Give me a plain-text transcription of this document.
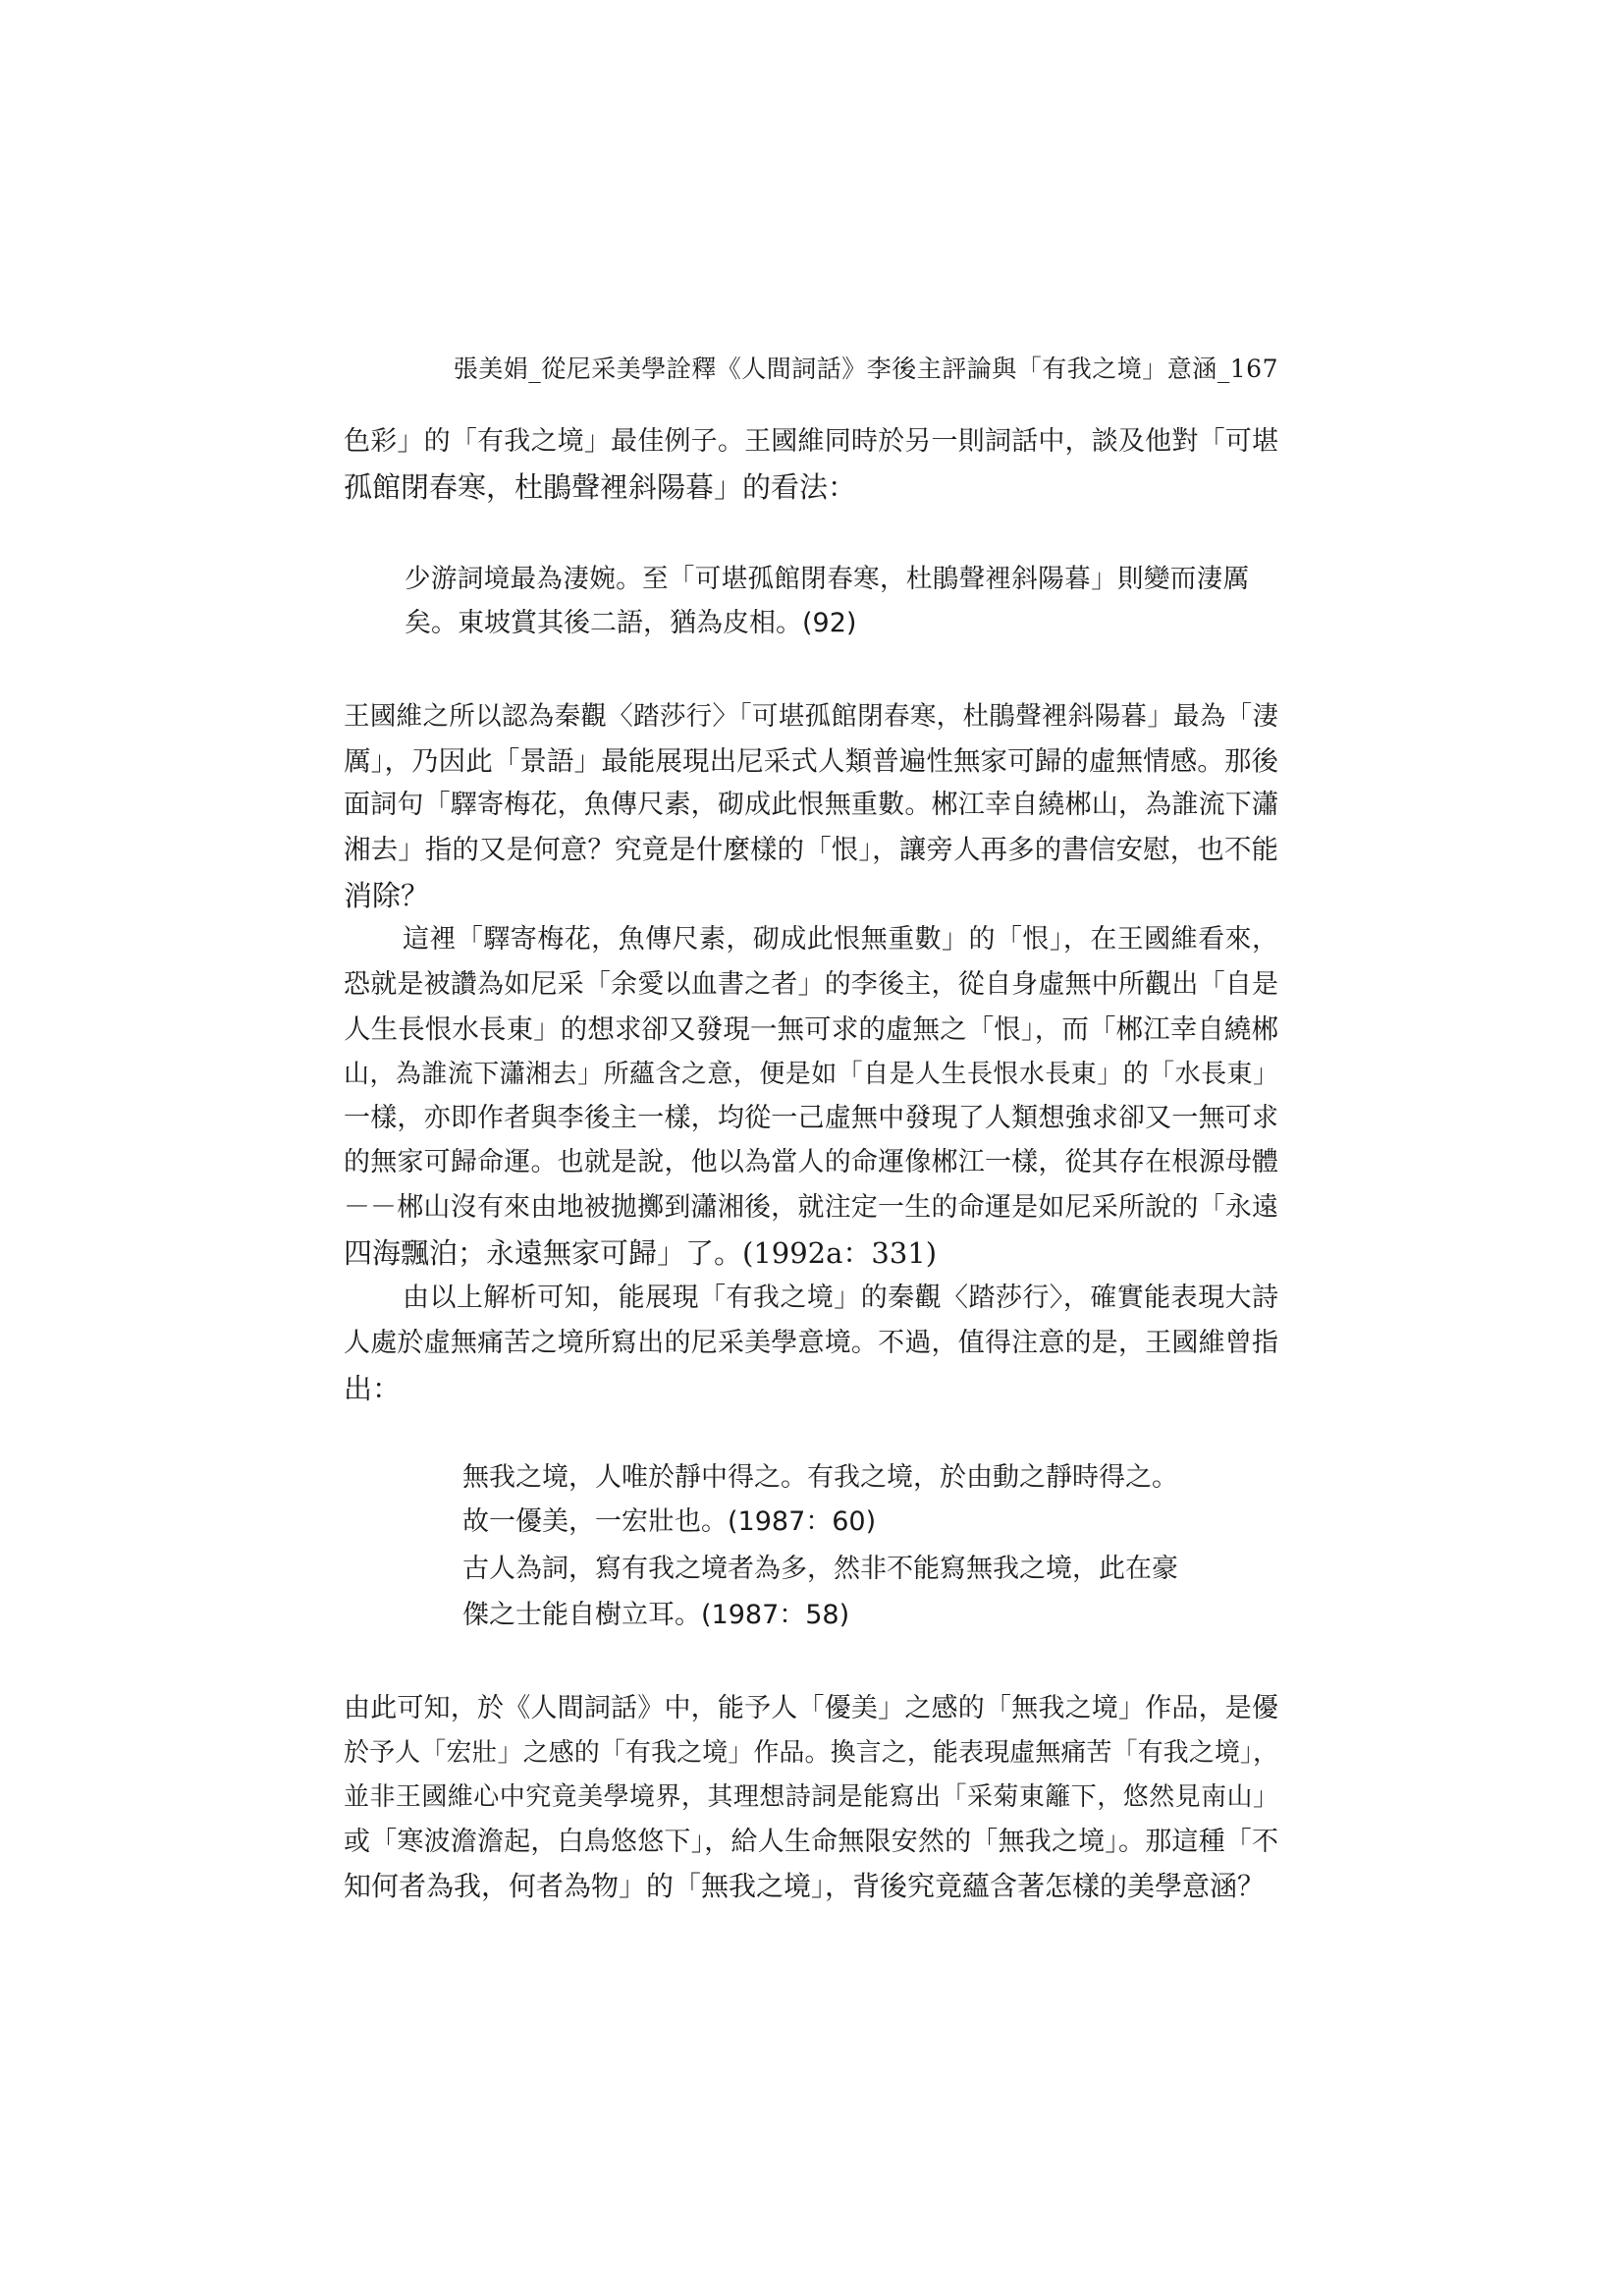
張美娟_從尼采美學詮釋《人間詞話》李後主評論與「有我之境」意涵_167
色彩」的「有我之境」最佳例子。王國維同時於另一則詞話中，談及他對「可堪
孤館閉春寒，杜鵑聲裡斜陽暮」的看法：
少游詞境最為淒婉。至「可堪孤館閉春寒，杜鵑聲裡斜陽暮」則變而淒厲
矣。東坡賞其後二語，猶為皮相。(92)
王國維之所以認為秦觀〈踏莎行〉「可堪孤館閉春寒，杜鵑聲裡斜陽暮」最為「淒
厲」，乃因此「景語」最能展現出尼采式人類普遍性無家可歸的虛無情感。那後
面詞句「驛寄梅花，魚傳尺素，砌成此恨無重數。郴江幸自繞郴山，為誰流下瀟
湘去」指的又是何意？究竟是什麼樣的「恨」，讓旁人再多的書信安慰，也不能
消除？
這裡「驛寄梅花，魚傳尺素，砌成此恨無重數」的「恨」，在王國維看來，
恐就是被讚為如尼采「余愛以血書之者」的李後主，從自身虛無中所觀出「自是
人生長恨水長東」的想求卻又發現一無可求的虛無之「恨」，而「郴江幸自繞郴
山，為誰流下瀟湘去」所蘊含之意，便是如「自是人生長恨水長東」的「水長東」
一樣，亦即作者與李後主一樣，均從一己虛無中發現了人類想強求卻又一無可求
的無家可歸命運。也就是說，他以為當人的命運像郴江一樣，從其存在根源母體
－－郴山沒有來由地被拋擲到瀟湘後，就注定一生的命運是如尼采所說的「永遠
四海飄泊；永遠無家可歸」了。(1992a：331)
由以上解析可知，能展現「有我之境」的秦觀〈踏莎行〉，確實能表現大詩
人處於虛無痛苦之境所寫出的尼采美學意境。不過，值得注意的是，王國維曾指
出：
無我之境，人唯於靜中得之。有我之境，於由動之靜時得之。
故一優美，一宏壯也。(1987：60)
古人為詞，寫有我之境者為多，然非不能寫無我之境，此在豪
傑之士能自樹立耳。(1987：58)
由此可知，於《人間詞話》中，能予人「優美」之感的「無我之境」作品，是優
於予人「宏壯」之感的「有我之境」作品。換言之，能表現虛無痛苦「有我之境」，
並非王國維心中究竟美學境界，其理想詩詞是能寫出「采菊東籬下，悠然見南山」
或「寒波澹澹起，白鳥悠悠下」，給人生命無限安然的「無我之境」。那這種「不
知何者為我，何者為物」的「無我之境」，背後究竟蘊含著怎樣的美學意涵？
